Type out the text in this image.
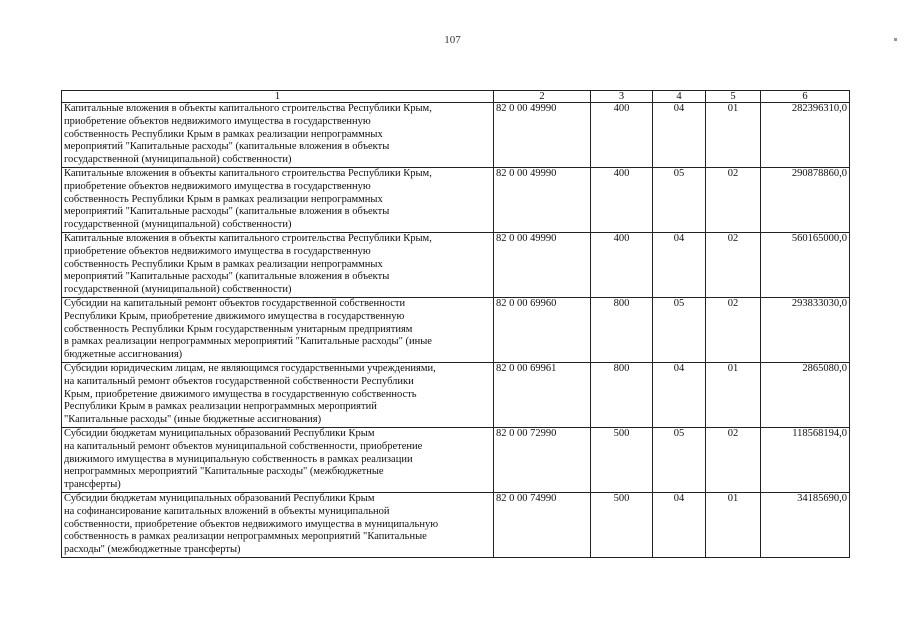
107
1	2	3	4	5	6

Капитальные вложения в объекты капитального строительства Республики Крым,
приобретение объектов недвижимого имущества в государственную
собственность Республики Крым в рамках реализации непрограммных
мероприятий "Капитальные расходы" (капитальные вложения в объекты
государственной (муниципальной) собственности)	82 0 00 49990	400	04	01	282396310,0

Капитальные вложения в объекты капитального строительства Республики Крым,
приобретение объектов недвижимого имущества в государственную
собственность Республики Крым в рамках реализации непрограммных
мероприятий "Капитальные расходы" (капитальные вложения в объекты
государственной (муниципальной) собственности)	82 0 00 49990	400	05	02	290878860,0

Капитальные вложения в объекты капитального строительства Республики Крым,
приобретение объектов недвижимого имущества в государственную
собственность Республики Крым в рамках реализации непрограммных
мероприятий "Капитальные расходы" (капитальные вложения в объекты
государственной (муниципальной) собственности)	82 0 00 49990	400	04	02	560165000,0

Субсидии на капитальный ремонт объектов государственной собственности
Республики Крым, приобретение движимого имущества в государственную
собственность Республики Крым государственным унитарным предприятиям
в рамках реализации непрограммных мероприятий "Капитальные расходы" (иные
бюджетные ассигнования)	82 0 00 69960	800	05	02	293833030,0

Субсидии юридическим лицам, не являющимся государственными учреждениями,
на капитальный ремонт объектов государственной собственности Республики
Крым, приобретение движимого имущества в государственную собственность
Республики Крым в рамках реализации непрограммных мероприятий
"Капитальные расходы" (иные бюджетные ассигнования)	82 0 00 69961	800	04	01	2865080,0

Субсидии бюджетам муниципальных образований Республики Крым
на капитальный ремонт объектов муниципальной собственности, приобретение
движимого имущества в муниципальную собственность в рамках реализации
непрограммных мероприятий "Капитальные расходы" (межбюджетные
трансферты)	82 0 00 72990	500	05	02	118568194,0

Субсидии бюджетам муниципальных образований Республики Крым
на софинансирование капитальных вложений в объекты муниципальной
собственности, приобретение объектов недвижимого имущества в муниципальную
собственность в рамках реализации непрограммных мероприятий "Капитальные
расходы" (межбюджетные трансферты)	82 0 00 74990	500	04	01	34185690,0
